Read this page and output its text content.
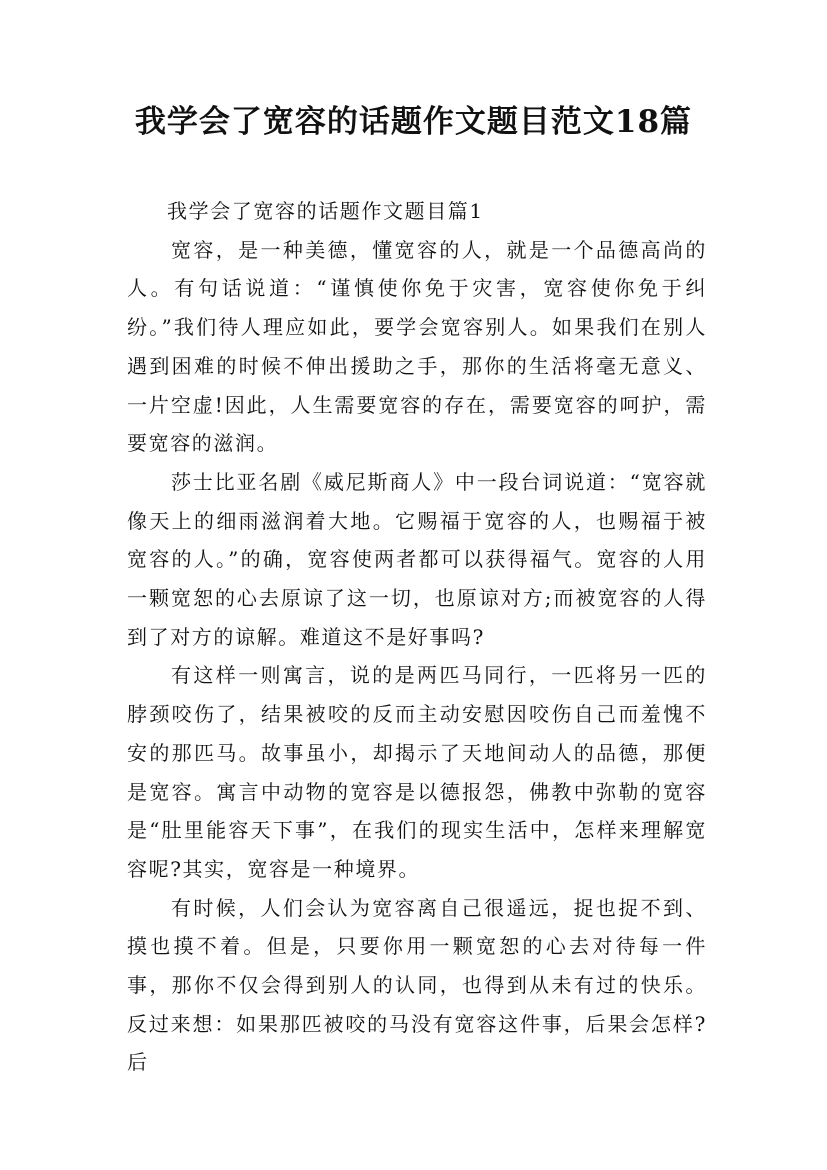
我学会了宽容的话题作文题目范文18篇

我学会了宽容的话题作文题目篇1

宽容，是一种美德，懂宽容的人，就是一个品德高尚的人。有句话说道：“谨慎使你免于灾害，宽容使你免于纠纷。”我们待人理应如此，要学会宽容别人。如果我们在别人遇到困难的时候不伸出援助之手，那你的生活将毫无意义、一片空虚!因此，人生需要宽容的存在，需要宽容的呵护，需要宽容的滋润。

莎士比亚名剧《威尼斯商人》中一段台词说道：“宽容就像天上的细雨滋润着大地。它赐福于宽容的人，也赐福于被宽容的人。”的确，宽容使两者都可以获得福气。宽容的人用一颗宽恕的心去原谅了这一切，也原谅对方;而被宽容的人得到了对方的谅解。难道这不是好事吗?

有这样一则寓言，说的是两匹马同行，一匹将另一匹的脖颈咬伤了，结果被咬的反而主动安慰因咬伤自己而羞愧不安的那匹马。故事虽小，却揭示了天地间动人的品德，那便是宽容。寓言中动物的宽容是以德报怨，佛教中弥勒的宽容是“肚里能容天下事”，在我们的现实生活中，怎样来理解宽容呢?其实，宽容是一种境界。

有时候，人们会认为宽容离自己很遥远，捉也捉不到、摸也摸不着。但是，只要你用一颗宽恕的心去对待每一件事，那你不仅会得到别人的认同，也得到从未有过的快乐。反过来想：如果那匹被咬的马没有宽容这件事，后果会怎样?后
